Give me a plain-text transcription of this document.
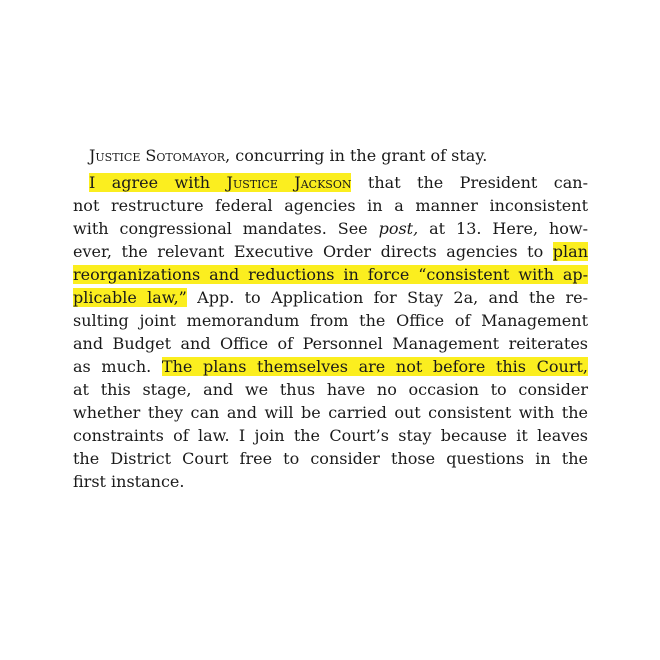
Justice Sotomayor, concurring in the grant of stay.
I agree with Justice Jackson that the President can-
not restructure federal agencies in a manner inconsistent
with congressional mandates. See post, at 13. Here, how-
ever, the relevant Executive Order directs agencies to plan
reorganizations and reductions in force “consistent with ap-
plicable law,” App. to Application for Stay 2a, and the re-
sulting joint memorandum from the Office of Management
and Budget and Office of Personnel Management reiterates
as much. The plans themselves are not before this Court,
at this stage, and we thus have no occasion to consider
whether they can and will be carried out consistent with the
constraints of law. I join the Court’s stay because it leaves
the District Court free to consider those questions in the
first instance.
